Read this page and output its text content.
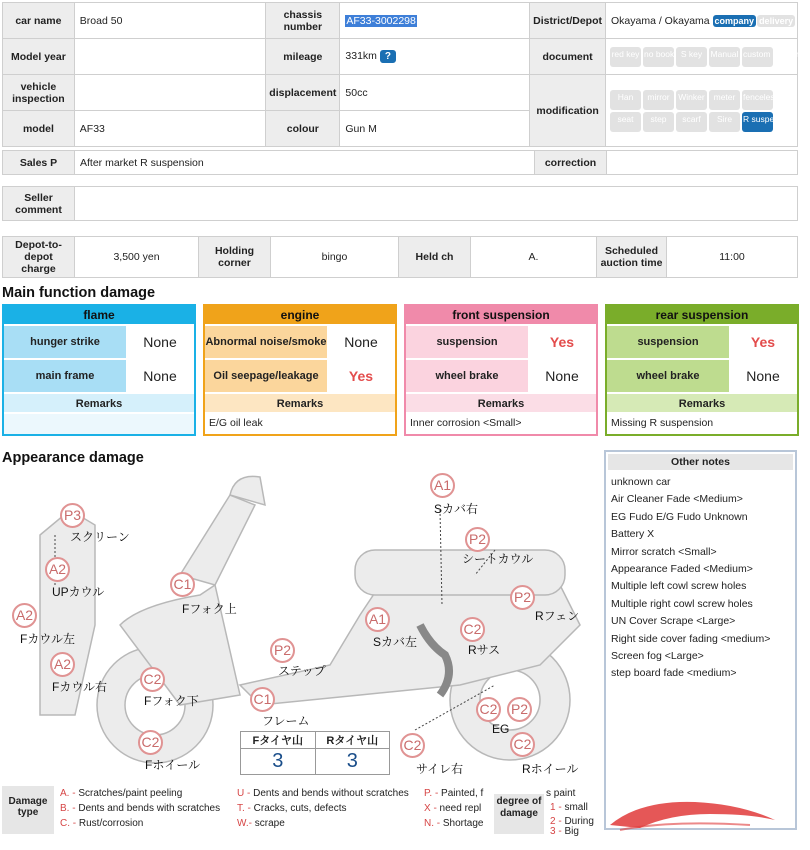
car name	Broad 50	chassis number	AF33-3002298	District/Depot	Okayama / Okayama company delivery
Model year		mileage	331km ?	document	red key no book S key Manual custom clearance
vehicle inspection		displacement	50cc	modification	Han mirror Winker meter fenceless
seat step scarf Sire R suspension
model	AF33	colour	Gun M		
Sales P	After market R suspension	correction	
Seller comment	
Depot-to-depot charge	3,500 yen	Holding corner	bingo	Held ch	A.	Scheduled auction time	11:00
Main function damage
flame
hunger strike	None
main frame	None
Remarks
engine
Abnormal noise/smoke	None
Oil seepage/leakage	Yes
Remarks
E/G oil leak
front suspension
suspension	Yes
wheel brake	None
Remarks
Inner corrosion <Small>
rear suspension
suspension	Yes
wheel brake	None
Remarks
Missing R suspension
Appearance damage
P3
スクリーン
A2
UPカウル
A2
Fカウル左
A2
Fカウル右
C1
Fフォク上
C2
Fフォク下
C2
Fホイール
C1
フレーム
P2
ステップ
A1
Sカバ左
A1
Sカバ右
P2
シートカウル
P2
Rフェン
C2
Rサス
C2
EG
P2
C2
Rホイール
C2
サイレ右
Fタイヤ山	Rタイヤ山
3	3
Other notes
unknown car
Air Cleaner Fade <Medium>
EG Fudo E/G Fudo Unknown
Battery X
Mirror scratch <Small>
Appearance Faded <Medium>
Multiple left cowl screw holes
Multiple right cowl screw holes
UN Cover Scrape <Large>
Right side cover fading <medium>
Screen fog <Large>
step board fade <medium>
Damage type
A. - Scratches/paint peeling
B. - Dents and bends with scratches
C. - Rust/corrosion
U - Dents and bends without scratches
T. - Cracks, cuts, defects
W.- scrape
P. - Painted, f
X - need repl
N. - Shortage
degree of damage
s paint
1 - small
2 - During
3 - Big
